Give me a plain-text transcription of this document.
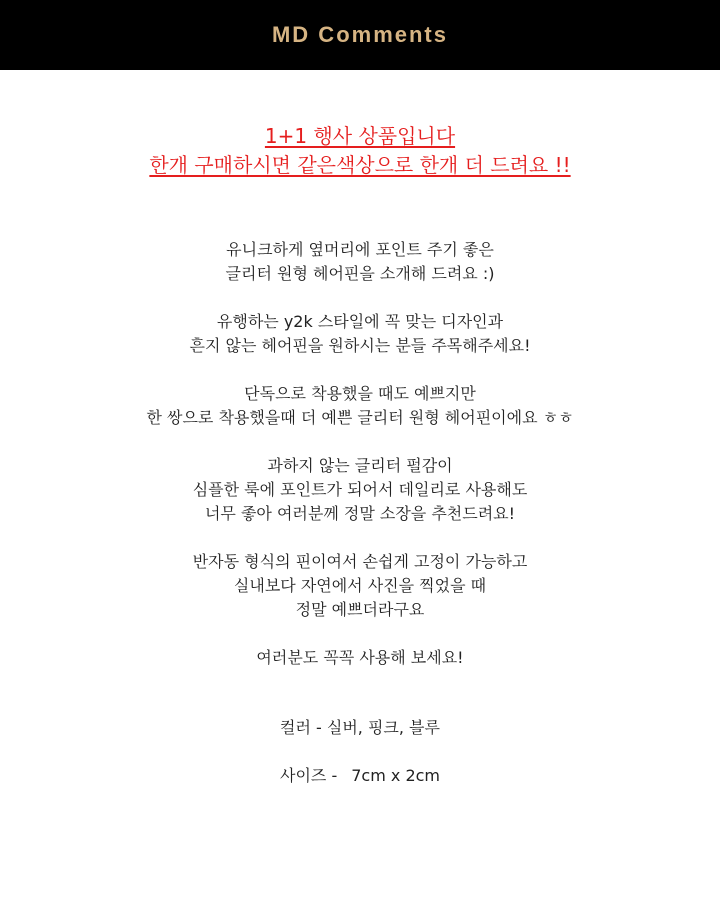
MD Comments
1+1 행사 상품입니다
한개 구매하시면 같은색상으로 한개 더 드려요 !!
유니크하게 옆머리에 포인트 주기 좋은
글리터 원형 헤어핀을 소개해 드려요 :)
유행하는 y2k 스타일에 꼭 맞는 디자인과
흔지 않는 헤어핀을 원하시는 분들 주목해주세요!
단독으로 착용했을 때도 예쁘지만
한 쌍으로 착용했을때 더 예쁜 글리터 원형 헤어핀이에요 ㅎㅎ
과하지 않는 글리터 펄감이
심플한 룩에 포인트가 되어서 데일리로 사용해도
너무 좋아 여러분께 정말 소장을 추천드려요!
반자동 형식의 핀이여서 손쉽게 고정이 가능하고
실내보다 자연에서 사진을 찍었을 때
정말 예쁘더라구요
여러분도 꼭꼭 사용해 보세요!
컬러 - 실버, 핑크, 블루
사이즈 - 7cm x 2cm
